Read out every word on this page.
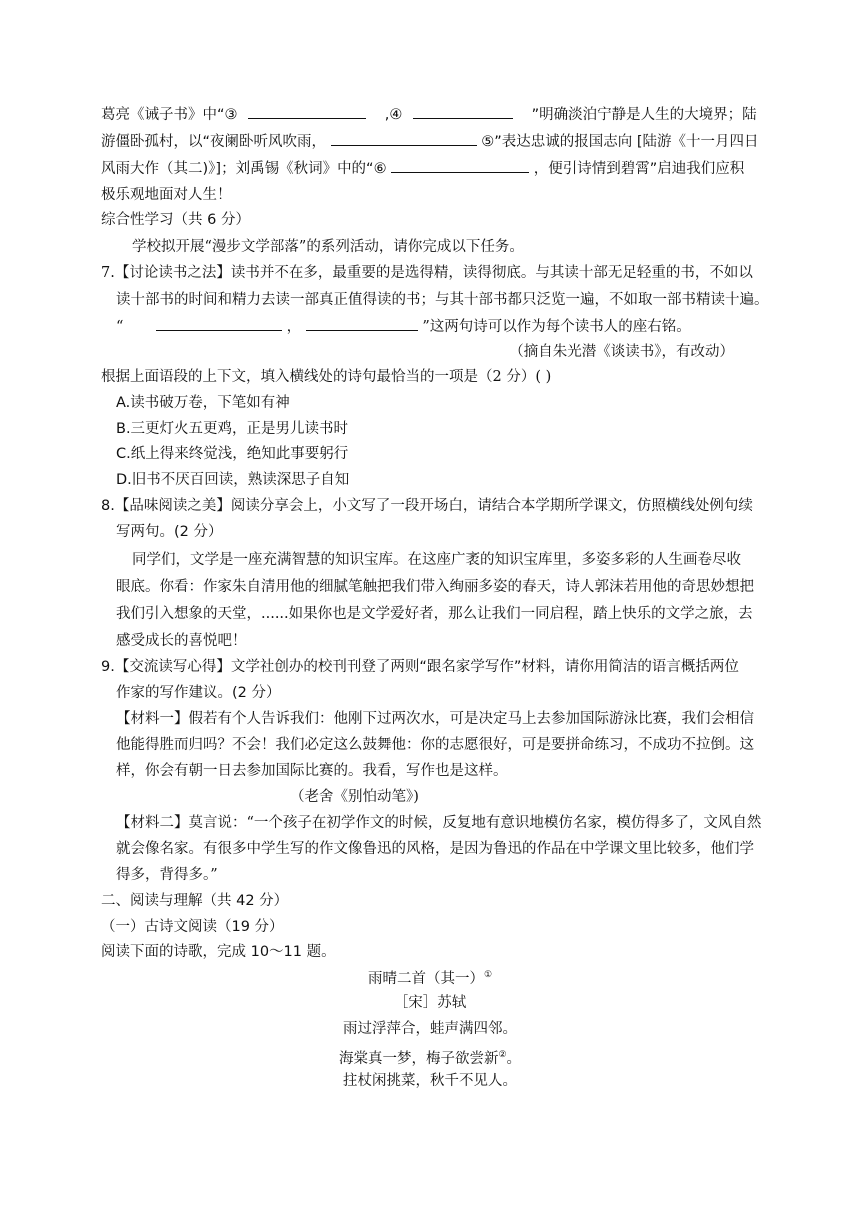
葛亮《诫子书》中“③	,④	”明确淡泊宁静是人生的大境界；陆
游僵卧孤村，以“夜阑卧听风吹雨，	⑤”表达忠诚的报国志向 [陆游《十一月四日
风雨大作（其二)》]；刘禹锡《秋词》中的“⑥	，便引诗情到碧霄”启迪我们应积
极乐观地面对人生！
综合性学习（共 6 分）
学校拟开展“漫步文学部落”的系列活动，请你完成以下任务。
7.【讨论读书之法】读书并不在多，最重要的是选得精，读得彻底。与其读十部无足轻重的书，不如以
读十部书的时间和精力去读一部真正值得读的书；与其十部书都只泛览一遍，不如取一部书精读十遍。
“	，	”这两句诗可以作为每个读书人的座右铭。
（摘自朱光潜《谈读书》，有改动）
根据上面语段的上下文，填入横线处的诗句最恰当的一项是（2 分）( )
A.读书破万卷，下笔如有神
B.三更灯火五更鸡，正是男儿读书时
C.纸上得来终觉浅，绝知此事要躬行
D.旧书不厌百回读，熟读深思子自知
8.【品味阅读之美】阅读分享会上，小文写了一段开场白，请结合本学期所学课文，仿照横线处例句续
写两句。(2 分）
同学们，文学是一座充满智慧的知识宝库。在这座广袤的知识宝库里，多姿多彩的人生画卷尽收
眼底。你看：作家朱自清用他的细腻笔触把我们带入绚丽多姿的春天，诗人郭沫若用他的奇思妙想把
我们引入想象的天堂，......如果你也是文学爱好者，那么让我们一同启程，踏上快乐的文学之旅，去
感受成长的喜悦吧！
9.【交流读写心得】文学社创办的校刊刊登了两则“跟名家学写作”材料，请你用简洁的语言概括两位
作家的写作建议。(2 分）
【材料一】假若有个人告诉我们：他刚下过两次水，可是决定马上去参加国际游泳比赛，我们会相信
他能得胜而归吗？不会！我们必定这么鼓舞他：你的志愿很好，可是要拼命练习，不成功不拉倒。这
样，你会有朝一日去参加国际比赛的。我看，写作也是这样。
（老舍《别怕动笔》)
【材料二】莫言说：“一个孩子在初学作文的时候，反复地有意识地模仿名家，模仿得多了，文风自然
就会像名家。有很多中学生写的作文像鲁迅的风格，是因为鲁迅的作品在中学课文里比较多，他们学
得多，背得多。”
二、阅读与理解（共 42 分）
（一）古诗文阅读（19 分）
阅读下面的诗歌，完成 10～11 题。
雨晴二首（其一）①
［宋］苏轼
雨过浮萍合，蛙声满四邻。
海棠真一梦，梅子欲尝新②。
拄杖闲挑菜，秋千不见人。
